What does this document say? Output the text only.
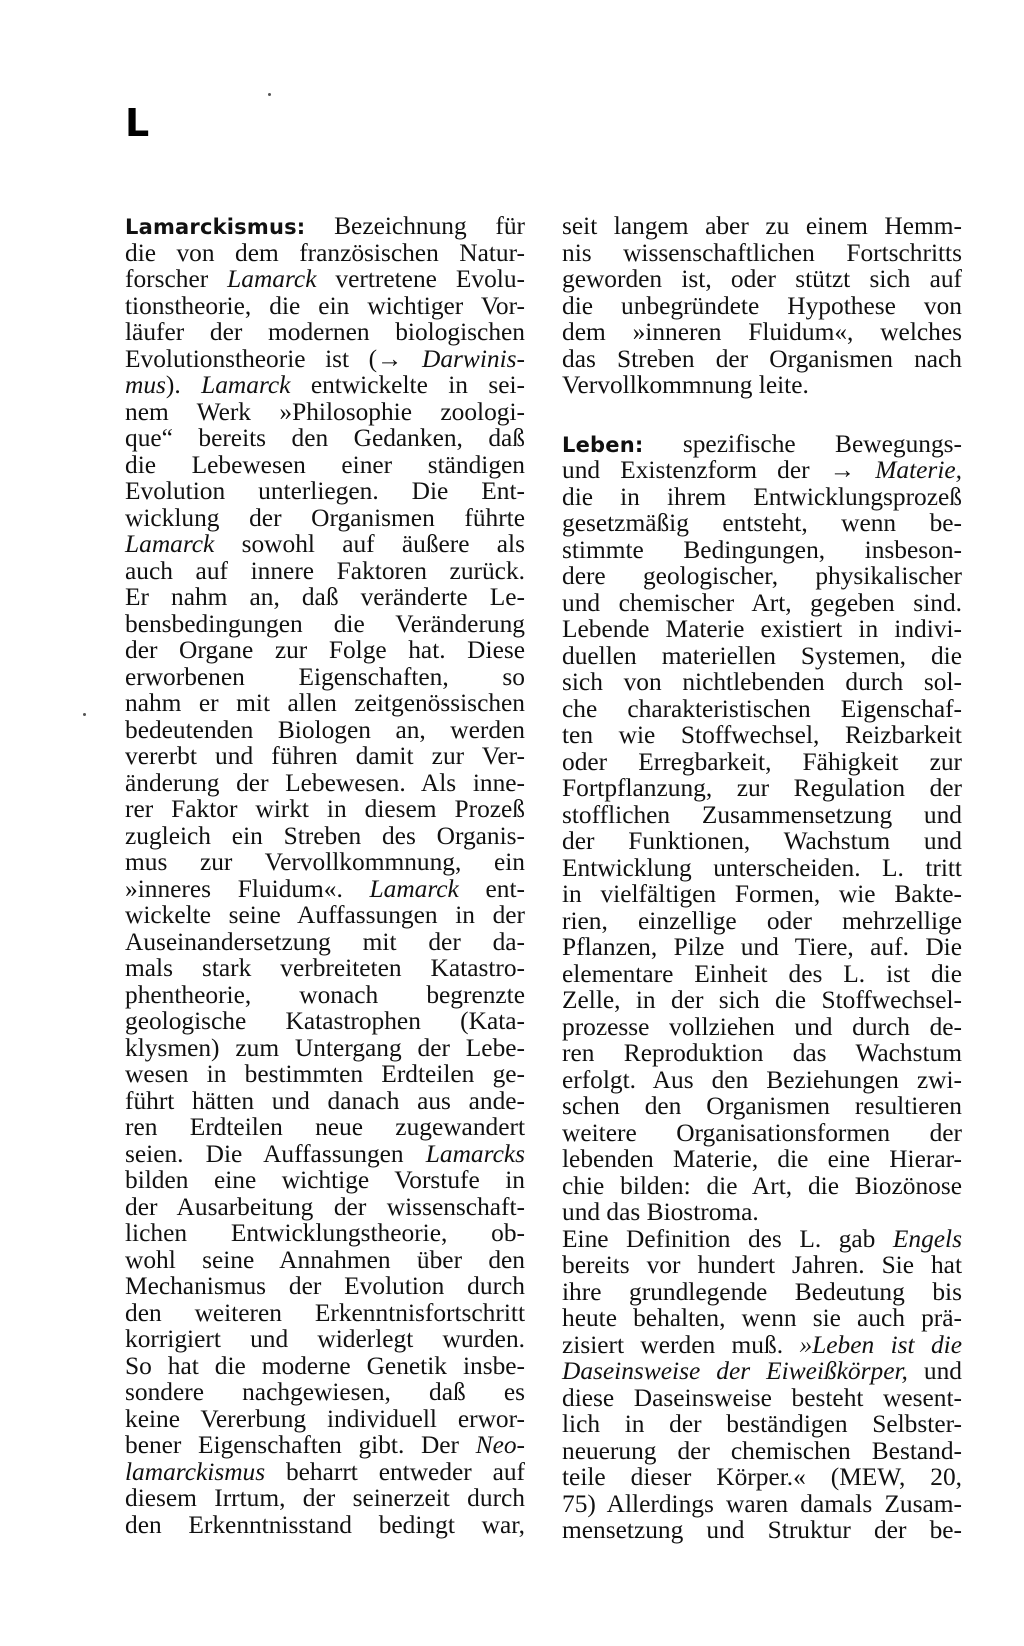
L
Lamarckismus: Bezeichnung für
die von dem französischen Natur-
forscher Lamarck vertretene Evolu-
tionstheorie, die ein wichtiger Vor-
läufer der modernen biologischen
Evolutionstheorie ist (→ Darwinis-
mus). Lamarck entwickelte in sei-
nem Werk »Philosophie zoologi-
que“ bereits den Gedanken, daß
die Lebewesen einer ständigen
Evolution unterliegen. Die Ent-
wicklung der Organismen führte
Lamarck sowohl auf äußere als
auch auf innere Faktoren zurück.
Er nahm an, daß veränderte Le-
bensbedingungen die Veränderung
der Organe zur Folge hat. Diese
erworbenen Eigenschaften, so
nahm er mit allen zeitgenössischen
bedeutenden Biologen an, werden
vererbt und führen damit zur Ver-
änderung der Lebewesen. Als inne-
rer Faktor wirkt in diesem Prozeß
zugleich ein Streben des Organis-
mus zur Vervollkommnung, ein
»inneres Fluidum«. Lamarck ent-
wickelte seine Auffassungen in der
Auseinandersetzung mit der da-
mals stark verbreiteten Katastro-
phentheorie, wonach begrenzte
geologische Katastrophen (Kata-
klysmen) zum Untergang der Lebe-
wesen in bestimmten Erdteilen ge-
führt hätten und danach aus ande-
ren Erdteilen neue zugewandert
seien. Die Auffassungen Lamarcks
bilden eine wichtige Vorstufe in
der Ausarbeitung der wissenschaft-
lichen Entwicklungstheorie, ob-
wohl seine Annahmen über den
Mechanismus der Evolution durch
den weiteren Erkenntnisfortschritt
korrigiert und widerlegt wurden.
So hat die moderne Genetik insbe-
sondere nachgewiesen, daß es
keine Vererbung individuell erwor-
bener Eigenschaften gibt. Der Neo-
lamarckismus beharrt entweder auf
diesem Irrtum, der seinerzeit durch
den Erkenntnisstand bedingt war,
seit langem aber zu einem Hemm-
nis wissenschaftlichen Fortschritts
geworden ist, oder stützt sich auf
die unbegründete Hypothese von
dem »inneren Fluidum«, welches
das Streben der Organismen nach
Vervollkommnung leite.
Leben: spezifische Bewegungs-
und Existenzform der → Materie,
die in ihrem Entwicklungsprozeß
gesetzmäßig entsteht, wenn be-
stimmte Bedingungen, insbeson-
dere geologischer, physikalischer
und chemischer Art, gegeben sind.
Lebende Materie existiert in indivi-
duellen materiellen Systemen, die
sich von nichtlebenden durch sol-
che charakteristischen Eigenschaf-
ten wie Stoffwechsel, Reizbarkeit
oder Erregbarkeit, Fähigkeit zur
Fortpflanzung, zur Regulation der
stofflichen Zusammensetzung und
der Funktionen, Wachstum und
Entwicklung unterscheiden. L. tritt
in vielfältigen Formen, wie Bakte-
rien, einzellige oder mehrzellige
Pflanzen, Pilze und Tiere, auf. Die
elementare Einheit des L. ist die
Zelle, in der sich die Stoffwechsel-
prozesse vollziehen und durch de-
ren Reproduktion das Wachstum
erfolgt. Aus den Beziehungen zwi-
schen den Organismen resultieren
weitere Organisationsformen der
lebenden Materie, die eine Hierar-
chie bilden: die Art, die Biozönose
und das Biostroma.
Eine Definition des L. gab Engels
bereits vor hundert Jahren. Sie hat
ihre grundlegende Bedeutung bis
heute behalten, wenn sie auch prä-
zisiert werden muß. »Leben ist die
Daseinsweise der Eiweißkörper, und
diese Daseinsweise besteht wesent-
lich in der beständigen Selbster-
neuerung der chemischen Bestand-
teile dieser Körper.« (MEW, 20,
75) Allerdings waren damals Zusam-
mensetzung und Struktur der be-
